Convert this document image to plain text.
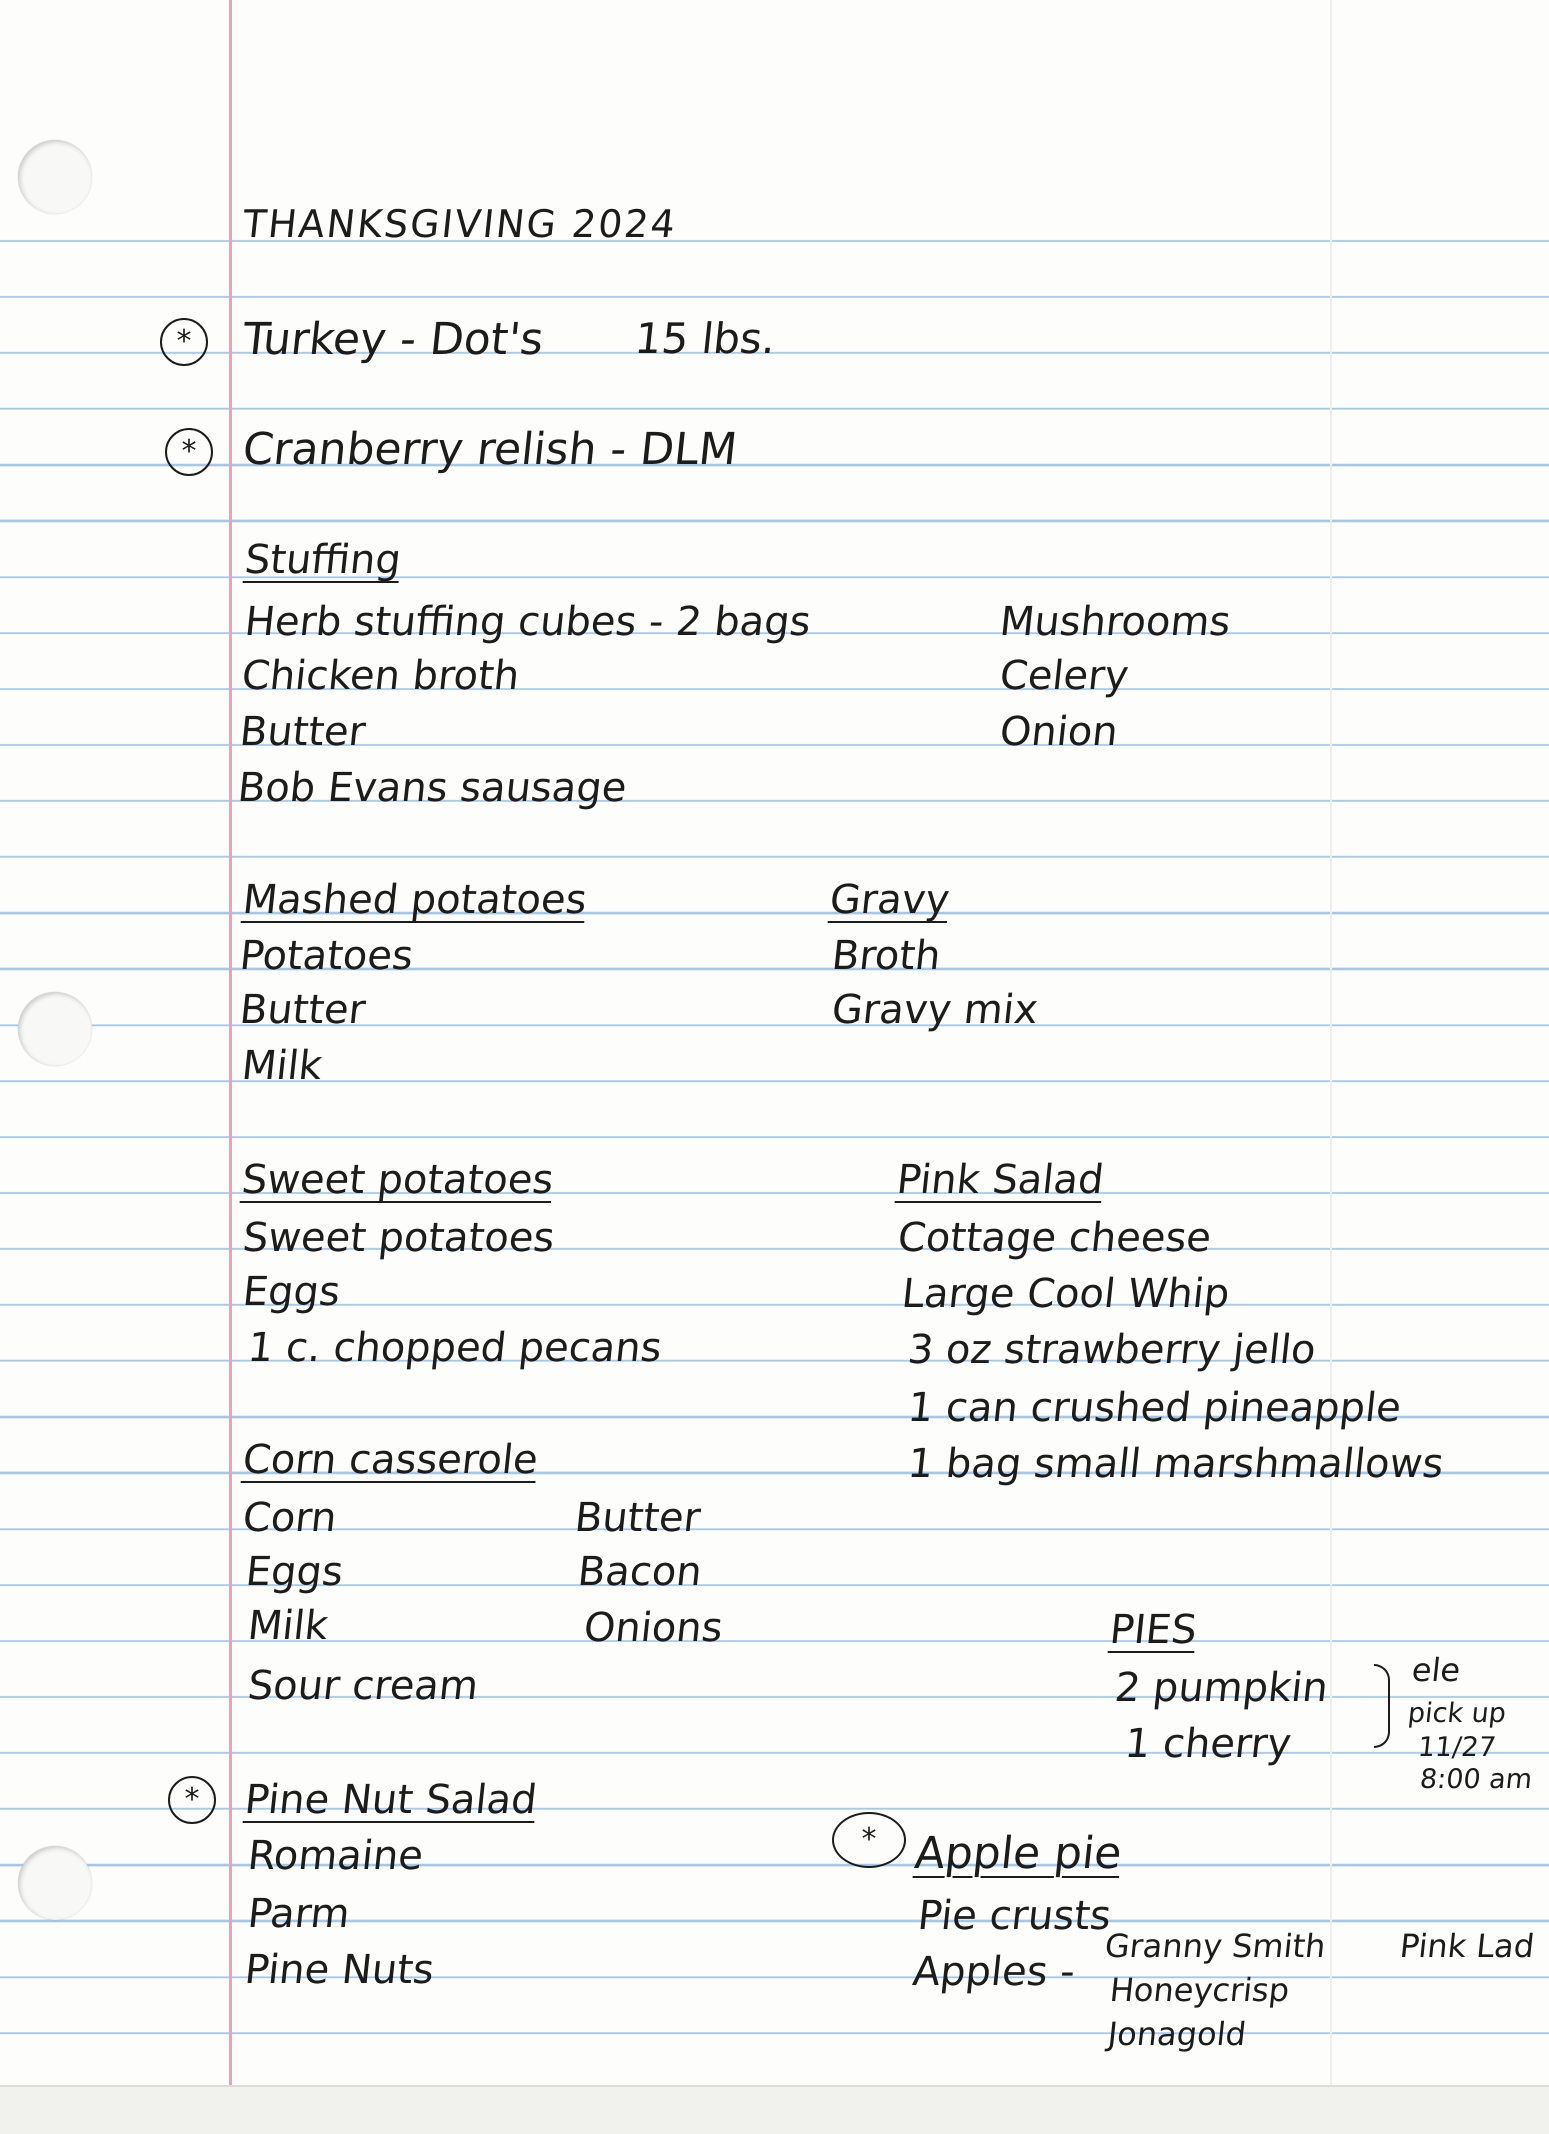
THANKSGIVING 2024
*	Turkey - Dot's 15 lbs.
* Cranberry relish - DLM
Stuffing
Herb stuffing cubes - 2 bags
Chicken broth
Butter
Bob Evans sausage
Mushrooms
Celery
Onion
Mashed potatoes
Potatoes
Butter
Milk
Gravy
Broth
Gravy mix
Sweet potatoes
Sweet potatoes
Eggs
1 c. chopped pecans
Pink Salad
Cottage cheese
Large Cool Whip
3 oz strawberry jello
1 can crushed pineapple
1 bag small marshmallows
Corn casserole
Corn
Eggs
Milk
Sour cream
Butter
Bacon
Onions	PIES
2 pumpkin
1 cherry
ele
pick up
11/27
8:00 am
*	Pine Nut Salad
Romaine
Parm
Pine Nuts
* Apple pie
Pie crusts
Apples -
Granny Smith
Honeycrisp
Jonagold
Pink Lad
